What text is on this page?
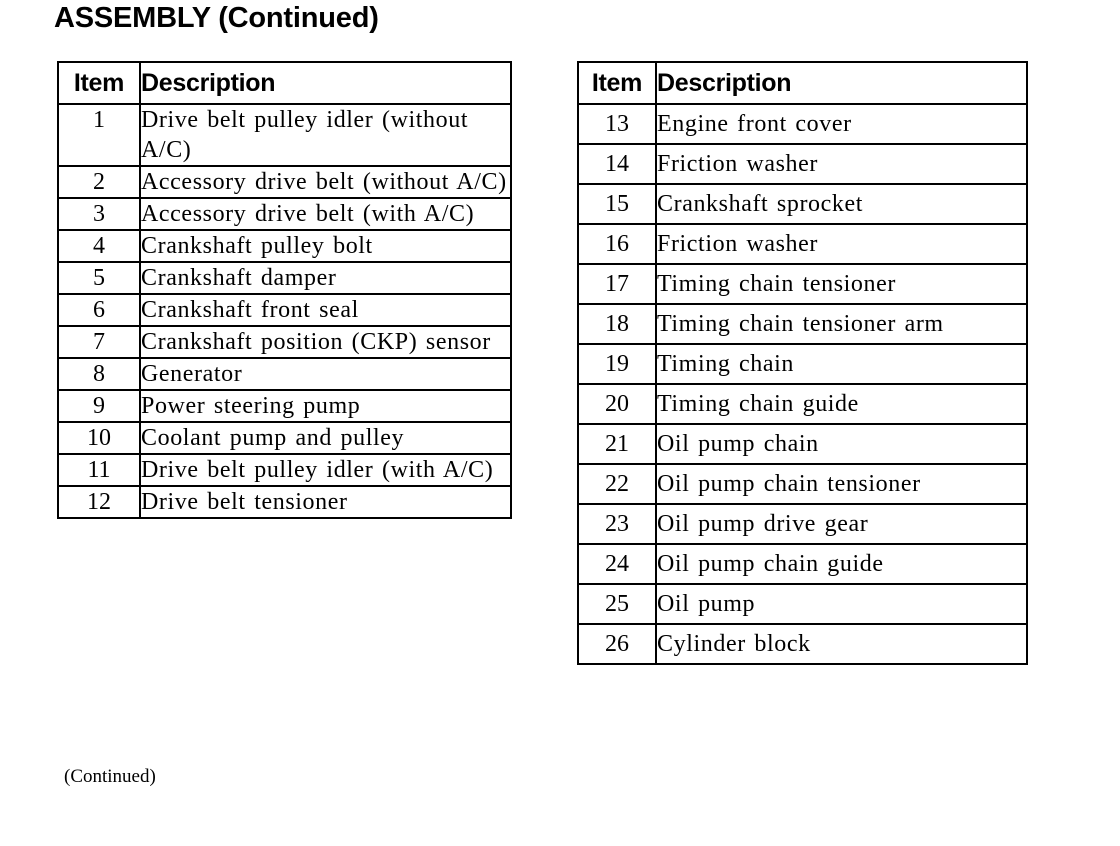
ASSEMBLY (Continued)
Item	Description
1	Drive belt pulley idler (without A/C)
2	Accessory drive belt (without A/C)
3	Accessory drive belt (with A/C)
4	Crankshaft pulley bolt
5	Crankshaft damper
6	Crankshaft front seal
7	Crankshaft position (CKP) sensor
8	Generator
9	Power steering pump
10	Coolant pump and pulley
11	Drive belt pulley idler (with A/C)
12	Drive belt tensioner
Item	Description
13	Engine front cover
14	Friction washer
15	Crankshaft sprocket
16	Friction washer
17	Timing chain tensioner
18	Timing chain tensioner arm
19	Timing chain
20	Timing chain guide
21	Oil pump chain
22	Oil pump chain tensioner
23	Oil pump drive gear
24	Oil pump chain guide
25	Oil pump
26	Cylinder block
(Continued)
